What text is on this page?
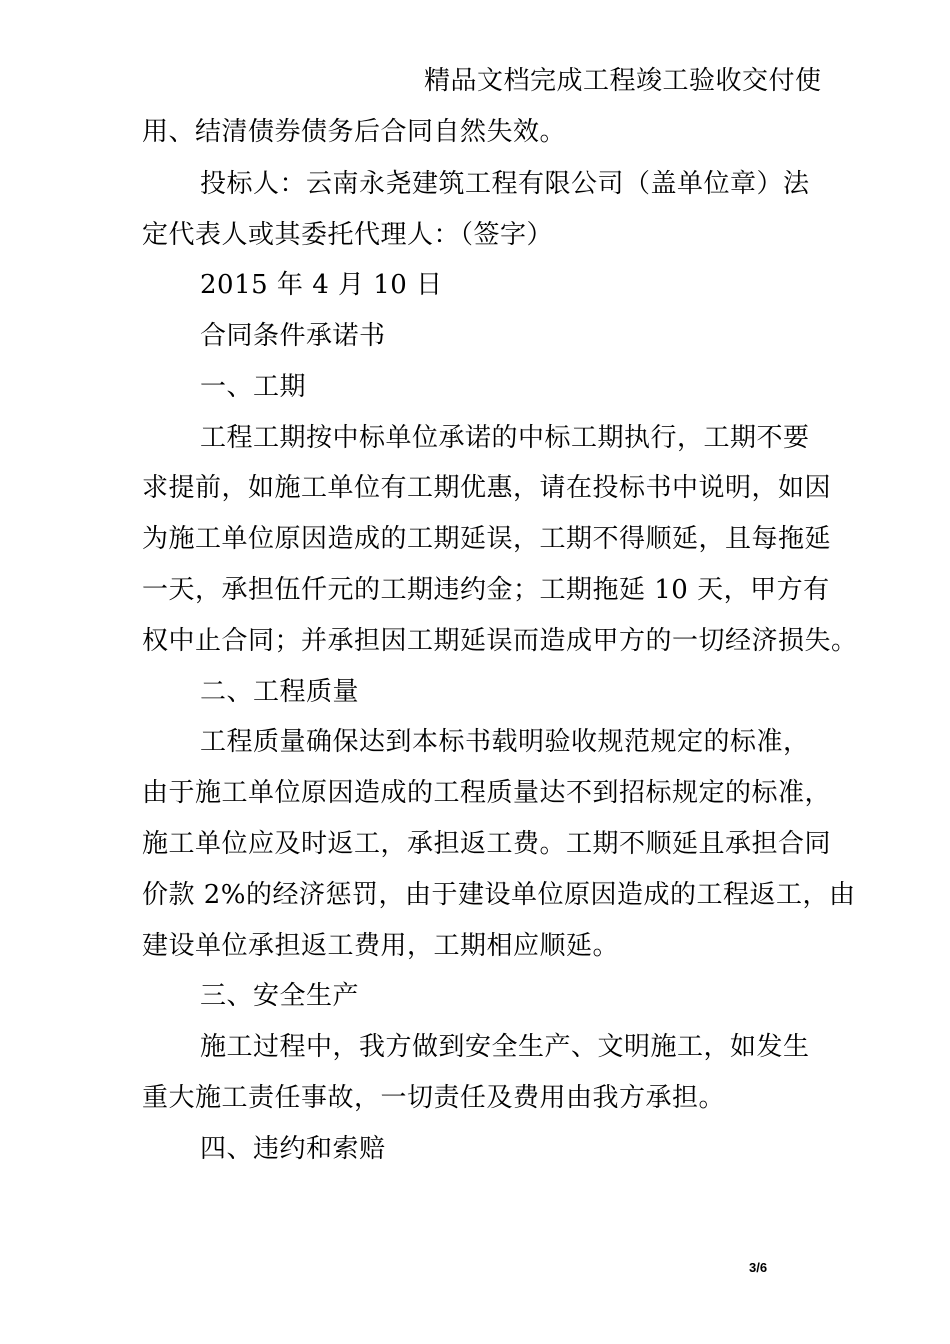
精品文档完成工程竣工验收交付使
用、结清债券债务后合同自然失效。
投标人：云南永尧建筑工程有限公司（盖单位章）法
定代表人或其委托代理人：（签字）
2015 年 4 月 10 日
合同条件承诺书
一、工期
工程工期按中标单位承诺的中标工期执行，工期不要
求提前，如施工单位有工期优惠，请在投标书中说明，如因
为施工单位原因造成的工期延误，工期不得顺延，且每拖延
一天，承担伍仟元的工期违约金；工期拖延 10 天，甲方有
权中止合同；并承担因工期延误而造成甲方的一切经济损失。
二、工程质量
工程质量确保达到本标书载明验收规范规定的标准，
由于施工单位原因造成的工程质量达不到招标规定的标准，
施工单位应及时返工，承担返工费。工期不顺延且承担合同
价款 2%的经济惩罚，由于建设单位原因造成的工程返工，由
建设单位承担返工费用，工期相应顺延。
三、安全生产
施工过程中，我方做到安全生产、文明施工，如发生
重大施工责任事故，一切责任及费用由我方承担。
四、违约和索赔
3/6
